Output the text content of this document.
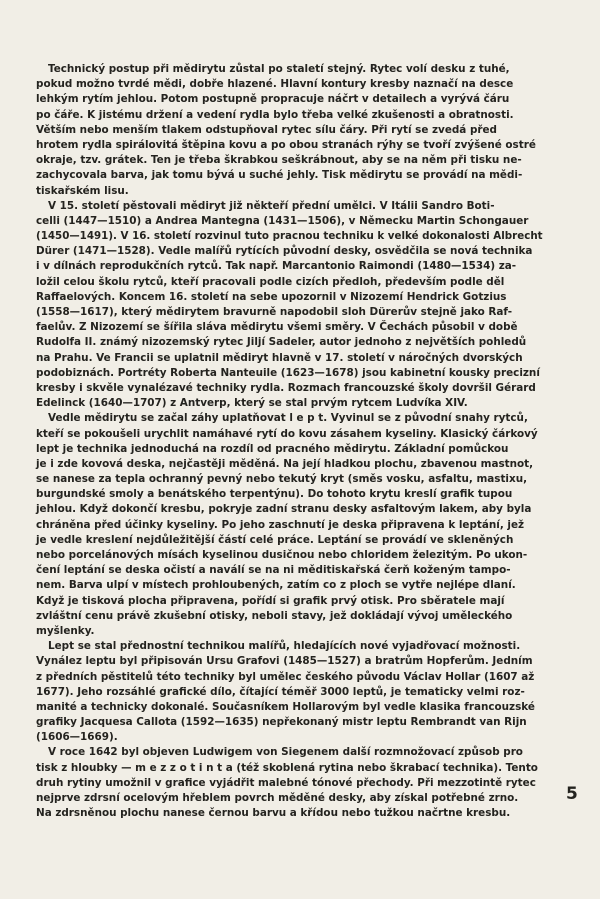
Technický postup při mědirytu zůstal po staletí stejný. Rytec volí desku z tuhé,
pokud možno tvrdé mědi, dobře hlazené. Hlavní kontury kresby naznačí na desce
lehkým rytím jehlou. Potom postupně propracuje náčrt v detailech a vyrývá čáru
po čáře. K jistému držení a vedení rydla bylo třeba velké zkušenosti a obratnosti.
Větším nebo menším tlakem odstupňoval rytec sílu čáry. Při rytí se zvedá před
hrotem rydla spirálovitá štěpina kovu a po obou stranách rýhy se tvoří zvýšené ostré
okraje, tzv. grátek. Ten je třeba škrabkou seškrábnout, aby se na něm při tisku ne-
zachycovala barva, jak tomu bývá u suché jehly. Tisk mědirytu se provádí na mědi-
tiskařském lisu.
V 15. století pěstovali mědiryt již někteří přední umělci. V Itálii Sandro Boti-
celli (1447—1510) a Andrea Mantegna (1431—1506), v Německu Martin Schongauer
(1450—1491). V 16. století rozvinul tuto pracnou techniku k velké dokonalosti Albrecht
Dürer (1471—1528). Vedle malířů rytících původní desky, osvědčila se nová technika
i v dílnách reprodukčních rytců. Tak např. Marcantonio Raimondi (1480—1534) za-
ložil celou školu rytců, kteří pracovali podle cizích předloh, především podle děl
Raffaelových. Koncem 16. století na sebe upozornil v Nizozemí Hendrick Gotzius
(1558—1617), který mědirytem bravurně napodobil sloh Dürerův stejně jako Raf-
faelův. Z Nizozemí se šířila sláva mědirytu všemi směry. V Čechách působil v době
Rudolfa II. známý nizozemský rytec Jiljí Sadeler, autor jednoho z největších pohledů
na Prahu. Ve Francii se uplatnil mědiryt hlavně v 17. století v náročných dvorských
podobiznách. Portréty Roberta Nanteuile (1623—1678) jsou kabinetní kousky precizní
kresby i skvěle vynalézavé techniky rydla. Rozmach francouzské školy dovršil Gérard
Edelinck (1640—1707) z Antverp, který se stal prvým rytcem Ludvíka XIV.
Vedle mědirytu se začal záhy uplatňovat l e p t. Vyvinul se z původní snahy rytců,
kteří se pokoušeli urychlit namáhavé rytí do kovu zásahem kyseliny. Klasický čárkový
lept je technika jednoduchá na rozdíl od pracného mědirytu. Základní pomůckou
je i zde kovová deska, nejčastěji měděná. Na její hladkou plochu, zbavenou mastnot,
se nanese za tepla ochranný pevný nebo tekutý kryt (směs vosku, asfaltu, mastixu,
burgundské smoly a benátského terpentýnu). Do tohoto krytu kreslí grafik tupou
jehlou. Když dokončí kresbu, pokryje zadní stranu desky asfaltovým lakem, aby byla
chráněna před účinky kyseliny. Po jeho zaschnutí je deska připravena k leptání, jež
je vedle kreslení nejdůležitější částí celé práce. Leptání se provádí ve skleněných
nebo porcelánových mísách kyselinou dusičnou nebo chloridem železitým. Po ukon-
čení leptání se deska očistí a naválí se na ni měditiskařská čerň koženým tampo-
nem. Barva ulpí v místech prohloubených, zatím co z ploch se vytře nejlépe dlaní.
Když je tisková plocha připravena, pořídí si grafik prvý otisk. Pro sběratele mají
zvláštní cenu právě zkušební otisky, neboli stavy, jež dokládají vývoj uměleckého
myšlenky.
Lept se stal přednostní technikou malířů, hledajících nové vyjadřovací možnosti.
Vynález leptu byl připisován Ursu Grafovi (1485—1527) a bratrům Hopferům. Jedním
z předních pěstitelů této techniky byl umělec českého původu Václav Hollar (1607 až
1677). Jeho rozsáhlé grafické dílo, čítající téměř 3000 leptů, je tematicky velmi roz-
manité a technicky dokonalé. Současníkem Hollarovým byl vedle klasika francouzské
grafiky Jacquesa Callota (1592—1635) nepřekonaný mistr leptu Rembrandt van Rijn
(1606—1669).
V roce 1642 byl objeven Ludwigem von Siegenem další rozmnožovací způsob pro
tisk z hloubky — m e z z o t i n t a (též skoblená rytina nebo škrabací technika). Tento
druh rytiny umožnil v grafice vyjádřit malebné tónové přechody. Při mezzotintě rytec
nejprve zdrsní ocelovým hřeblem povrch měděné desky, aby získal potřebné zrno.
Na zdrsněnou plochu nanese černou barvu a křídou nebo tužkou načrtne kresbu.
5
